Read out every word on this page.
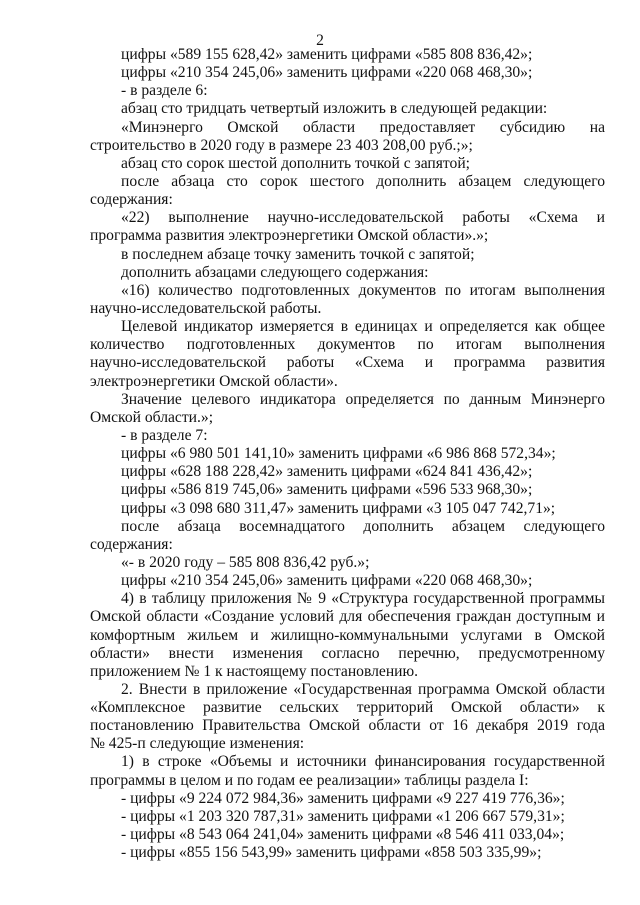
2
цифры «589 155 628,42» заменить цифрами «585 808 836,42»;
цифры «210 354 245,06» заменить цифрами «220 068 468,30»;
- в разделе 6:
абзац сто тридцать четвертый изложить в следующей редакции:
«Минэнерго Омской области предоставляет субсидию на
строительство в 2020 году в размере 23 403 208,00 руб.;»;
абзац сто сорок шестой дополнить точкой с запятой;
после абзаца сто сорок шестого дополнить абзацем следующего
содержания:
«22) выполнение научно-исследовательской работы «Схема и
программа развития электроэнергетики Омской области».»;
в последнем абзаце точку заменить точкой с запятой;
дополнить абзацами следующего содержания:
«16) количество подготовленных документов по итогам выполнения
научно-исследовательской работы.
Целевой индикатор измеряется в единицах и определяется как общее
количество подготовленных документов по итогам выполнения
научно-исследовательской работы «Схема и программа развития
электроэнергетики Омской области».
Значение целевого индикатора определяется по данным Минэнерго
Омской области.»;
- в разделе 7:
цифры «6 980 501 141,10» заменить цифрами «6 986 868 572,34»;
цифры «628 188 228,42» заменить цифрами «624 841 436,42»;
цифры «586 819 745,06» заменить цифрами «596 533 968,30»;
цифры «3 098 680 311,47» заменить цифрами «3 105 047 742,71»;
после абзаца восемнадцатого дополнить абзацем следующего
содержания:
«- в 2020 году – 585 808 836,42 руб.»;
цифры «210 354 245,06» заменить цифрами «220 068 468,30»;
4) в таблицу приложения № 9 «Структура государственной программы
Омской области «Создание условий для обеспечения граждан доступным и
комфортным жильем и жилищно-коммунальными услугами в Омской
области» внести изменения согласно перечню, предусмотренному
приложением № 1 к настоящему постановлению.
2. Внести в приложение «Государственная программа Омской области
«Комплексное развитие сельских территорий Омской области» к
постановлению Правительства Омской области от 16 декабря 2019 года
№ 425-п следующие изменения:
1) в строке «Объемы и источники финансирования государственной
программы в целом и по годам ее реализации» таблицы раздела I:
- цифры «9 224 072 984,36» заменить цифрами «9 227 419 776,36»;
- цифры «1 203 320 787,31» заменить цифрами «1 206 667 579,31»;
- цифры «8 543 064 241,04» заменить цифрами «8 546 411 033,04»;
- цифры «855 156 543,99» заменить цифрами «858 503 335,99»;
